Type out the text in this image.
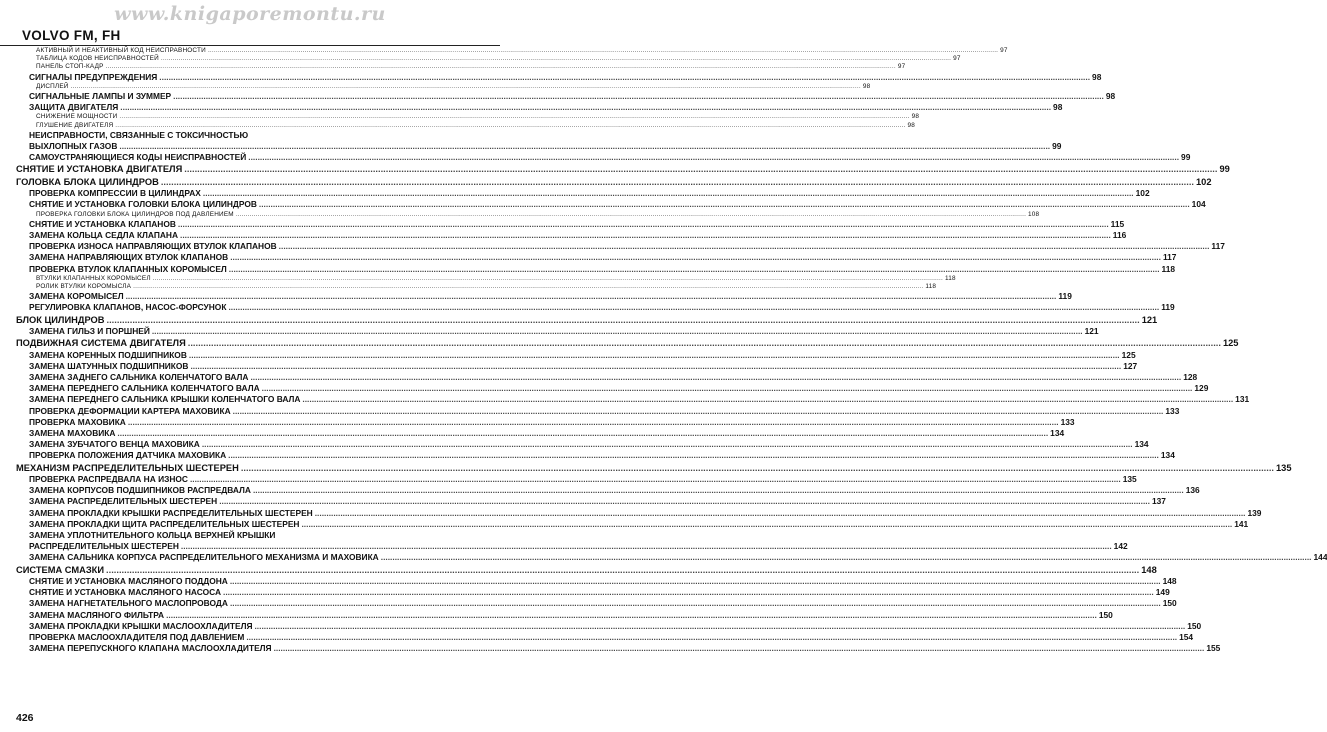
www.knigaporemontu.ru
VOLVO FM, FH
АКТИВНЫЙ И НЕАКТИВНЫЙ КОД НЕИСПРАВНОСТИ ................................................................................................................................................................................................................................................................................................................................................................................................................ 97
ТАБЛИЦА КОДОВ НЕИСПРАВНОСТЕЙ ................................................................................................................................................................................................................................................................................................................................................................................................................ 97
ПАНЕЛЬ СТОП-КАДР ................................................................................................................................................................................................................................................................................................................................................................................................................ 97
СИГНАЛЫ ПРЕДУПРЕЖДЕНИЯ ................................................................................................................................................................................................................................................................................................................................................................................................................ 98
ДИСПЛЕЙ ................................................................................................................................................................................................................................................................................................................................................................................................................ 98
СИГНАЛЬНЫЕ ЛАМПЫ И ЗУММЕР ................................................................................................................................................................................................................................................................................................................................................................................................................ 98
ЗАЩИТА ДВИГАТЕЛЯ ................................................................................................................................................................................................................................................................................................................................................................................................................ 98
СНИЖЕНИЕ МОЩНОСТИ ................................................................................................................................................................................................................................................................................................................................................................................................................ 98
ГЛУШЕНИЕ ДВИГАТЕЛЯ ................................................................................................................................................................................................................................................................................................................................................................................................................ 98
НЕИСПРАВНОСТИ, СВЯЗАННЫЕ С ТОКСИЧНОСТЬЮ
ВЫХЛОПНЫХ ГАЗОВ ................................................................................................................................................................................................................................................................................................................................................................................................................ 99
САМОУСТРАНЯЮЩИЕСЯ КОДЫ НЕИСПРАВНОСТЕЙ ................................................................................................................................................................................................................................................................................................................................................................................................................ 99
СНЯТИЕ И УСТАНОВКА ДВИГАТЕЛЯ ................................................................................................................................................................................................................................................................................................................................................................................................................ 99
ГОЛОВКА БЛОКА ЦИЛИНДРОВ ................................................................................................................................................................................................................................................................................................................................................................................................................ 102
ПРОВЕРКА КОМПРЕССИИ В ЦИЛИНДРАХ ................................................................................................................................................................................................................................................................................................................................................................................................................ 102
СНЯТИЕ И УСТАНОВКА ГОЛОВКИ БЛОКА ЦИЛИНДРОВ ................................................................................................................................................................................................................................................................................................................................................................................................................ 104
ПРОВЕРКА ГОЛОВКИ БЛОКА ЦИЛИНДРОВ ПОД ДАВЛЕНИЕМ ................................................................................................................................................................................................................................................................................................................................................................................................................ 108
СНЯТИЕ И УСТАНОВКА КЛАПАНОВ ................................................................................................................................................................................................................................................................................................................................................................................................................ 115
ЗАМЕНА КОЛЬЦА СЕДЛА КЛАПАНА ................................................................................................................................................................................................................................................................................................................................................................................................................ 116
ПРОВЕРКА ИЗНОСА НАПРАВЛЯЮЩИХ ВТУЛОК КЛАПАНОВ ................................................................................................................................................................................................................................................................................................................................................................................................................ 117
ЗАМЕНА НАПРАВЛЯЮЩИХ ВТУЛОК КЛАПАНОВ ................................................................................................................................................................................................................................................................................................................................................................................................................ 117
ПРОВЕРКА ВТУЛОК КЛАПАННЫХ КОРОМЫСЕЛ ................................................................................................................................................................................................................................................................................................................................................................................................................ 118
ВТУЛКИ КЛАПАННЫХ КОРОМЫСЕЛ ................................................................................................................................................................................................................................................................................................................................................................................................................ 118
РОЛИК ВТУЛКИ КОРОМЫСЛА ................................................................................................................................................................................................................................................................................................................................................................................................................ 118
ЗАМЕНА КОРОМЫСЕЛ ................................................................................................................................................................................................................................................................................................................................................................................................................ 119
РЕГУЛИРОВКА КЛАПАНОВ, НАСОС-ФОРСУНОК ................................................................................................................................................................................................................................................................................................................................................................................................................ 119
БЛОК ЦИЛИНДРОВ ................................................................................................................................................................................................................................................................................................................................................................................................................ 121
ЗАМЕНА ГИЛЬЗ И ПОРШНЕЙ ................................................................................................................................................................................................................................................................................................................................................................................................................ 121
ПОДВИЖНАЯ СИСТЕМА ДВИГАТЕЛЯ ................................................................................................................................................................................................................................................................................................................................................................................................................ 125
ЗАМЕНА КОРЕННЫХ ПОДШИПНИКОВ ................................................................................................................................................................................................................................................................................................................................................................................................................ 125
ЗАМЕНА ШАТУННЫХ ПОДШИПНИКОВ ................................................................................................................................................................................................................................................................................................................................................................................................................ 127
ЗАМЕНА ЗАДНЕГО САЛЬНИКА КОЛЕНЧАТОГО ВАЛА ................................................................................................................................................................................................................................................................................................................................................................................................................ 128
ЗАМЕНА ПЕРЕДНЕГО САЛЬНИКА КОЛЕНЧАТОГО ВАЛА ................................................................................................................................................................................................................................................................................................................................................................................................................ 129
ЗАМЕНА ПЕРЕДНЕГО САЛЬНИКА КРЫШКИ КОЛЕНЧАТОГО ВАЛА ................................................................................................................................................................................................................................................................................................................................................................................................................ 131
ПРОВЕРКА ДЕФОРМАЦИИ КАРТЕРА МАХОВИКА ................................................................................................................................................................................................................................................................................................................................................................................................................ 133
ПРОВЕРКА МАХОВИКА ................................................................................................................................................................................................................................................................................................................................................................................................................ 133
ЗАМЕНА МАХОВИКА ................................................................................................................................................................................................................................................................................................................................................................................................................ 134
ЗАМЕНА ЗУБЧАТОГО ВЕНЦА МАХОВИКА ................................................................................................................................................................................................................................................................................................................................................................................................................ 134
ПРОВЕРКА ПОЛОЖЕНИЯ ДАТЧИКА МАХОВИКА ................................................................................................................................................................................................................................................................................................................................................................................................................ 134
МЕХАНИЗМ РАСПРЕДЕЛИТЕЛЬНЫХ ШЕСТЕРЕН ................................................................................................................................................................................................................................................................................................................................................................................................................ 135
ПРОВЕРКА РАСПРЕДВАЛА НА ИЗНОС ................................................................................................................................................................................................................................................................................................................................................................................................................ 135
ЗАМЕНА КОРПУСОВ ПОДШИПНИКОВ РАСПРЕДВАЛА ................................................................................................................................................................................................................................................................................................................................................................................................................ 136
ЗАМЕНА РАСПРЕДЕЛИТЕЛЬНЫХ ШЕСТЕРЕН ................................................................................................................................................................................................................................................................................................................................................................................................................ 137
ЗАМЕНА ПРОКЛАДКИ КРЫШКИ РАСПРЕДЕЛИТЕЛЬНЫХ ШЕСТЕРЕН ................................................................................................................................................................................................................................................................................................................................................................................................................ 139
ЗАМЕНА ПРОКЛАДКИ ЩИТА РАСПРЕДЕЛИТЕЛЬНЫХ ШЕСТЕРЕН ................................................................................................................................................................................................................................................................................................................................................................................................................ 141
ЗАМЕНА УПЛОТНИТЕЛЬНОГО КОЛЬЦА ВЕРХНЕЙ КРЫШКИ
РАСПРЕДЕЛИТЕЛЬНЫХ ШЕСТЕРЕН ................................................................................................................................................................................................................................................................................................................................................................................................................ 142
ЗАМЕНА САЛЬНИКА КОРПУСА РАСПРЕДЕЛИТЕЛЬНОГО МЕХАНИЗМА И МАХОВИКА ................................................................................................................................................................................................................................................................................................................................................................................................................ 144
СИСТЕМА СМАЗКИ ................................................................................................................................................................................................................................................................................................................................................................................................................ 148
СНЯТИЕ И УСТАНОВКА МАСЛЯНОГО ПОДДОНА ................................................................................................................................................................................................................................................................................................................................................................................................................ 148
СНЯТИЕ И УСТАНОВКА МАСЛЯНОГО НАСОСА ................................................................................................................................................................................................................................................................................................................................................................................................................ 149
ЗАМЕНА НАГНЕТАТЕЛЬНОГО МАСЛОПРОВОДА ................................................................................................................................................................................................................................................................................................................................................................................................................ 150
ЗАМЕНА МАСЛЯНОГО ФИЛЬТРА ................................................................................................................................................................................................................................................................................................................................................................................................................ 150
ЗАМЕНА ПРОКЛАДКИ КРЫШКИ МАСЛООХЛАДИТЕЛЯ ................................................................................................................................................................................................................................................................................................................................................................................................................ 150
ПРОВЕРКА МАСЛООХЛАДИТЕЛЯ ПОД ДАВЛЕНИЕМ ................................................................................................................................................................................................................................................................................................................................................................................................................ 154
ЗАМЕНА ПЕРЕПУСКНОГО КЛАПАНА МАСЛООХЛАДИТЕЛЯ ................................................................................................................................................................................................................................................................................................................................................................................................................ 155
426
